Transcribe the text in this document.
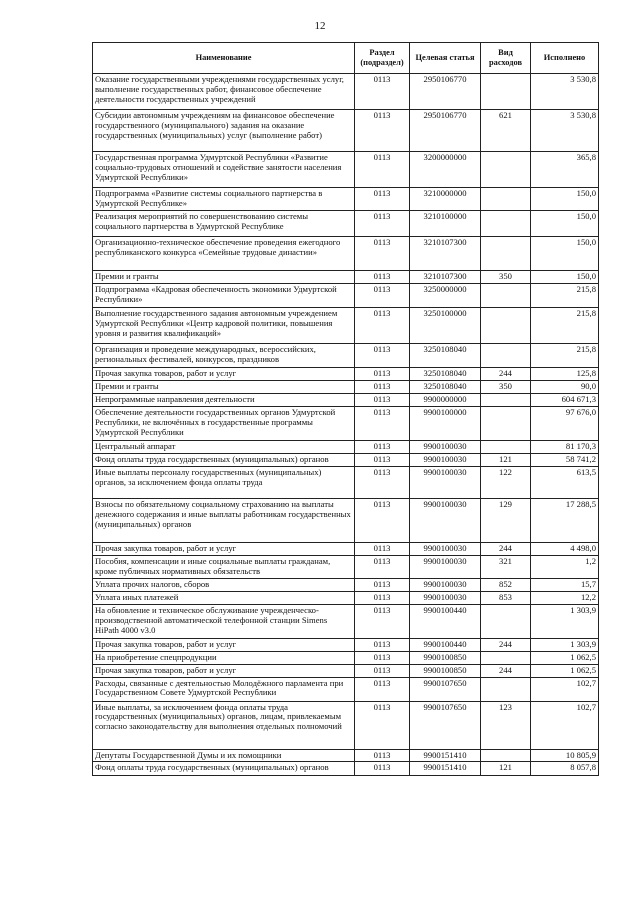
12
Наименование	Раздел (подраздел)	Целевая статья	Вид расходов	Исполнено
Оказание государственными учреждениями государственных услуг, выполнение государственных работ, финансовое обеспечение деятельности государственных учреждений	0113	2950106770		3 530,8
Субсидии автономным учреждениям на финансовое обеспечение государственного (муниципального) задания на оказание государственных (муниципальных) услуг (выполнение работ)	0113	2950106770	621	3 530,8
Государственная программа Удмуртской Республики «Развитие социально-трудовых отношений и содействие занятости населения Удмуртской Республики»	0113	3200000000		365,8
Подпрограмма «Развитие системы социального партнерства в Удмуртской Республике»	0113	3210000000		150,0
Реализация мероприятий по совершенствованию системы социального партнерства в Удмуртской Республике	0113	3210100000		150,0
Организационно-техническое обеспечение проведения ежегодного республиканского конкурса «Семейные трудовые династии»	0113	3210107300		150,0
Премии и гранты	0113	3210107300	350	150,0
Подпрограмма «Кадровая обеспеченность экономики Удмуртской Республики»	0113	3250000000		215,8
Выполнение государственного задания автономным учреждением Удмуртской Республики «Центр кадровой политики, повышения уровня и развития квалификаций»	0113	3250100000		215,8
Организация и проведение международных, всероссийских, региональных фестивалей, конкурсов, праздников	0113	3250108040		215,8
Прочая закупка товаров, работ и услуг	0113	3250108040	244	125,8
Премии и гранты	0113	3250108040	350	90,0
Непрограммные направления деятельности	0113	9900000000		604 671,3
Обеспечение деятельности государственных органов Удмуртской Республики, не включённых в государственные программы Удмуртской Республики	0113	9900100000		97 676,0
Центральный аппарат	0113	9900100030		81 170,3
Фонд оплаты труда государственных (муниципальных) органов	0113	9900100030	121	58 741,2
Иные выплаты персоналу государственных (муниципальных) органов, за исключением фонда оплаты труда	0113	9900100030	122	613,5
Взносы по обязательному социальному страхованию на выплаты денежного содержания и иные выплаты работникам государственных (муниципальных) органов	0113	9900100030	129	17 288,5
Прочая закупка товаров, работ и услуг	0113	9900100030	244	4 498,0
Пособия, компенсации и иные социальные выплаты гражданам, кроме публичных нормативных обязательств	0113	9900100030	321	1,2
Уплата прочих налогов, сборов	0113	9900100030	852	15,7
Уплата иных платежей	0113	9900100030	853	12,2
На обновление и техническое обслуживание учрежденческо-производственной автоматической телефонной станции Simens HiPath 4000 v3.0	0113	9900100440		1 303,9
Прочая закупка товаров, работ и услуг	0113	9900100440	244	1 303,9
На приобретение спецпродукции	0113	9900100850		1 062,5
Прочая закупка товаров, работ и услуг	0113	9900100850	244	1 062,5
Расходы, связанные с деятельностью Молодёжного парламента при Государственном Совете Удмуртской Республики	0113	9900107650		102,7
Иные выплаты, за исключением фонда оплаты труда государственных (муниципальных) органов, лицам, привлекаемым согласно законодательству для выполнения отдельных полномочий	0113	9900107650	123	102,7
Депутаты Государственной Думы и их помощники	0113	9900151410		10 805,9
Фонд оплаты труда государственных (муниципальных) органов	0113	9900151410	121	8 057,8
